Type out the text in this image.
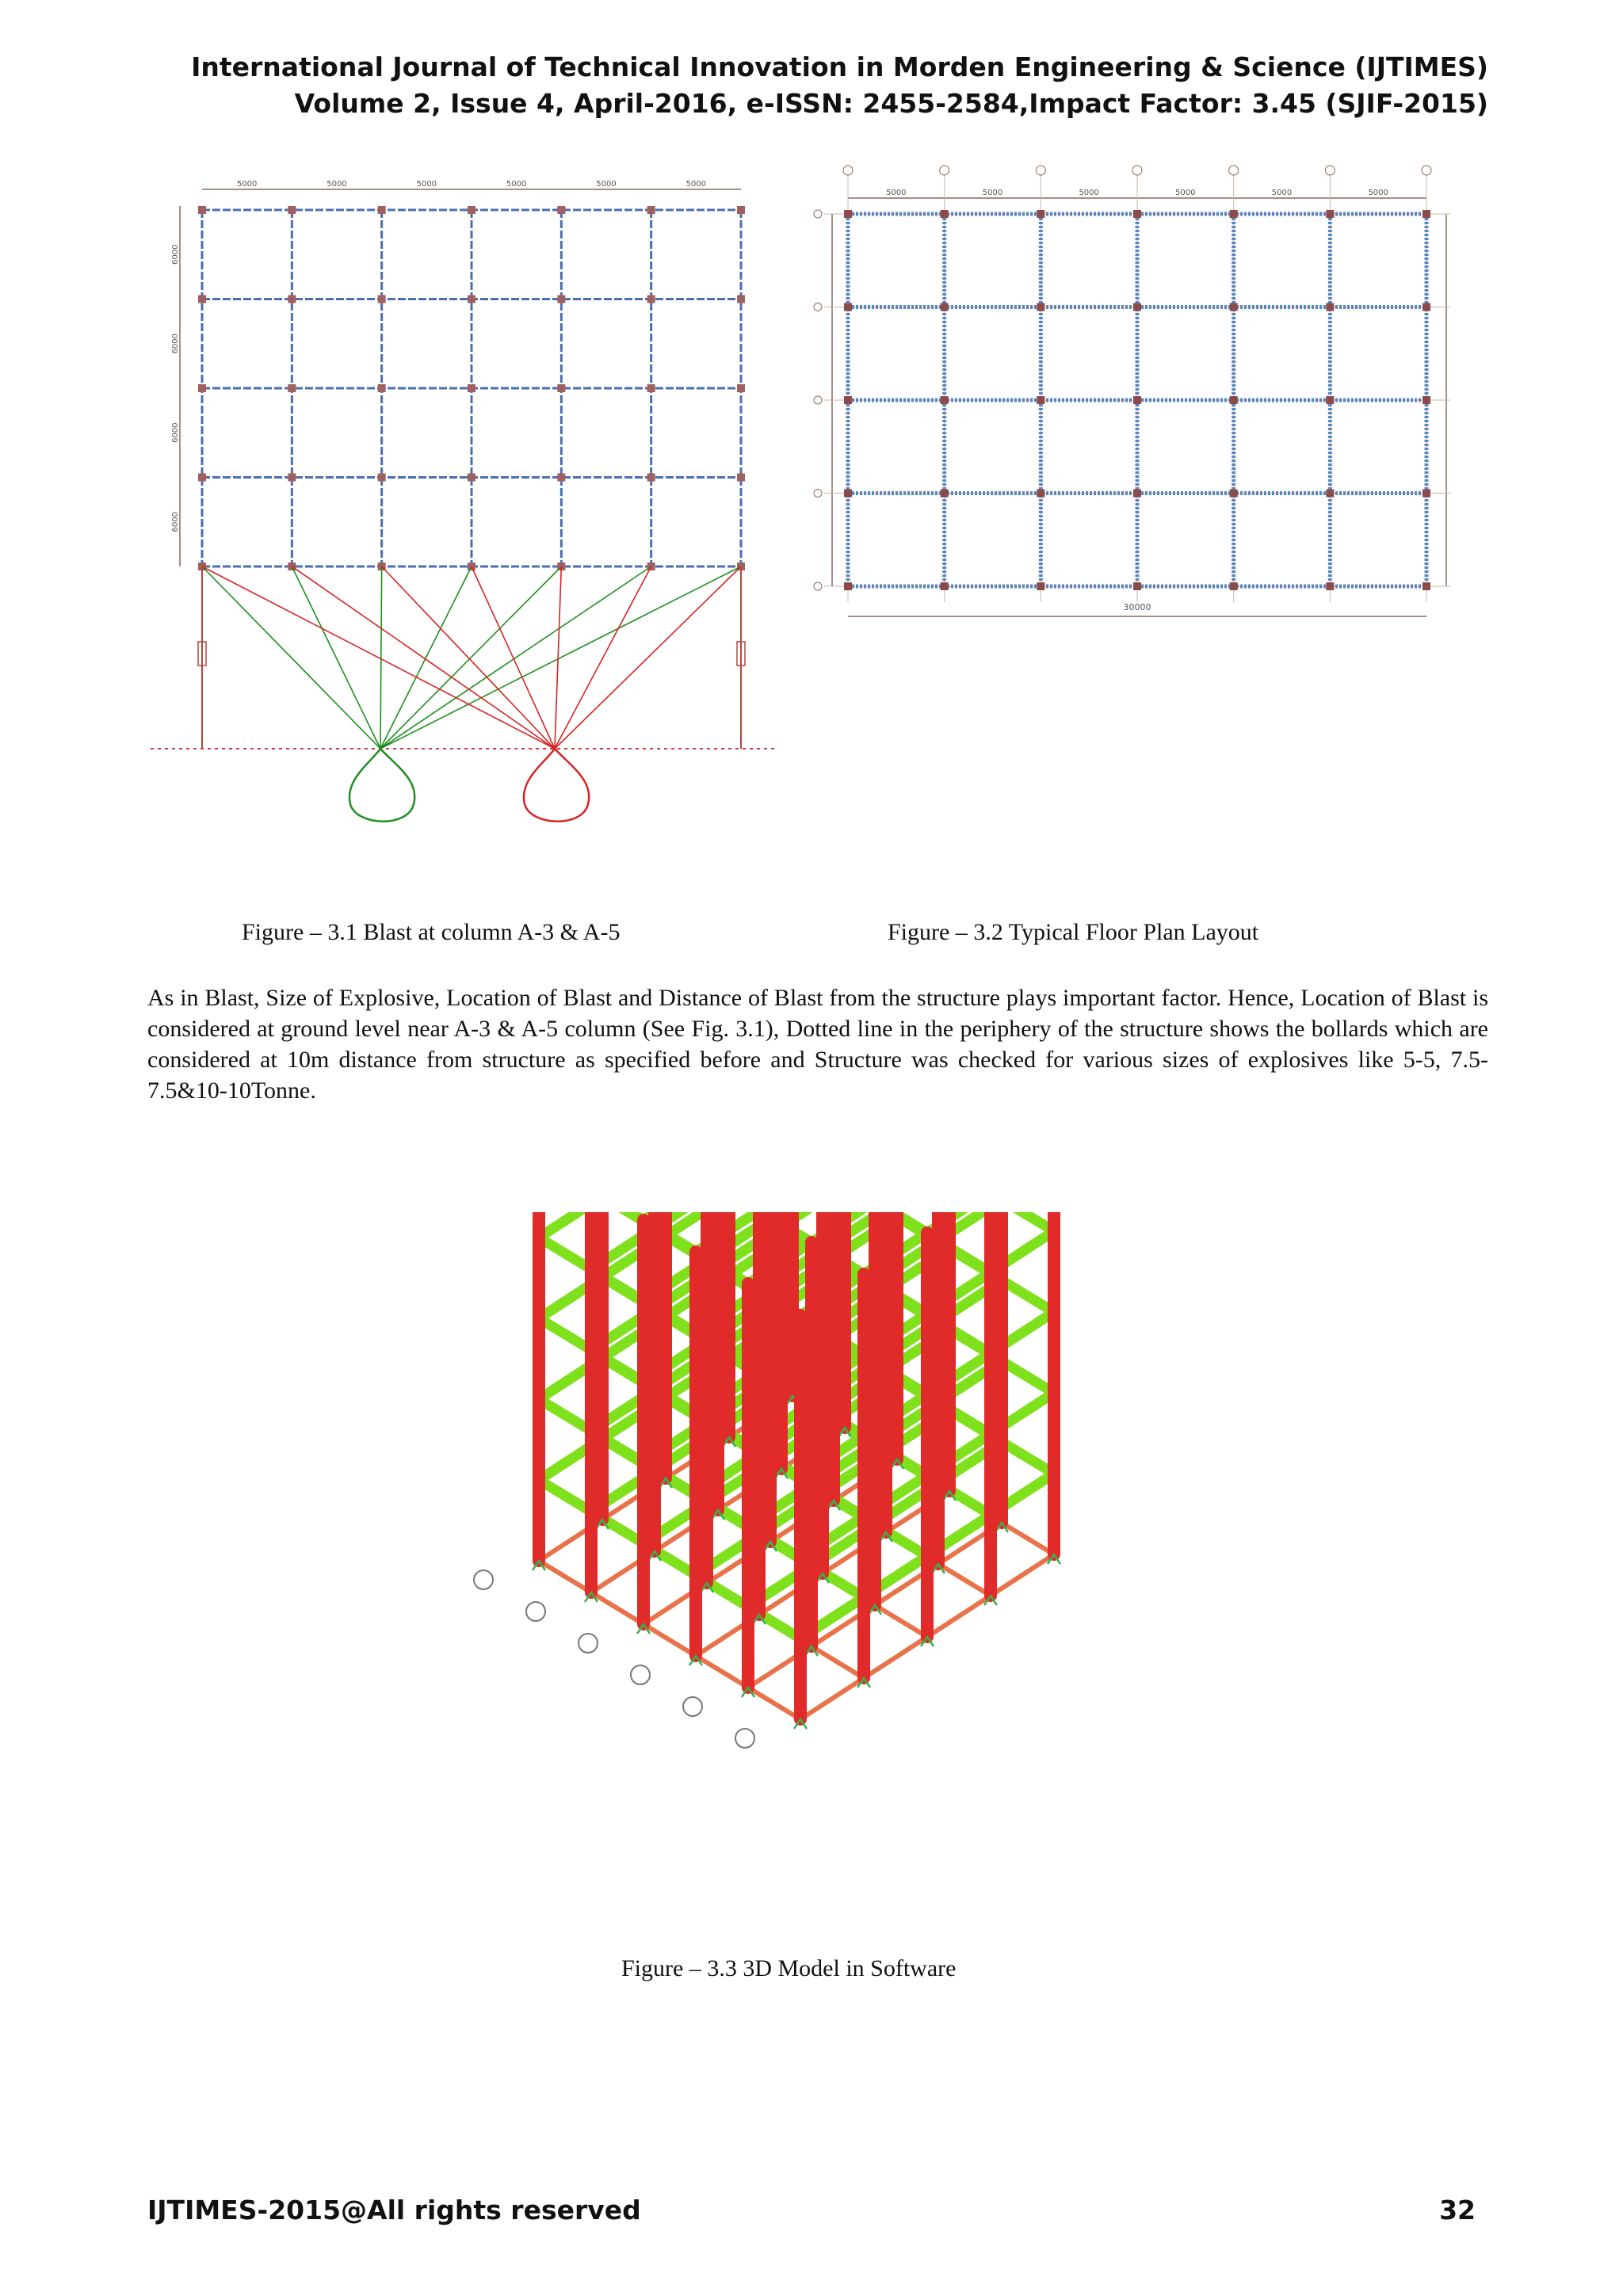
International Journal of Technical Innovation in Morden Engineering & Science (IJTIMES)
Volume 2, Issue 4, April-2016, e-ISSN: 2455-2584,Impact Factor: 3.45 (SJIF-2015)
5000	5000	5000	5000	5000	5000
6000
6000
6000
6000
5000	5000	5000	5000	5000	5000
30000
Figure – 3.1 Blast at column A-3 & A-5	Figure – 3.2 Typical Floor Plan Layout
As in Blast, Size of Explosive, Location of Blast and Distance of Blast from the structure plays important factor. Hence, Location of Blast is considered at ground level near A-3 & A-5 column (See Fig. 3.1), Dotted line in the periphery of the structure shows the bollards which are considered at 10m distance from structure as specified before and Structure was checked for various sizes of explosives like 5-5, 7.5-7.5&10-10Tonne.
Figure – 3.3 3D Model in Software
IJTIMES-2015@All rights reserved	32
